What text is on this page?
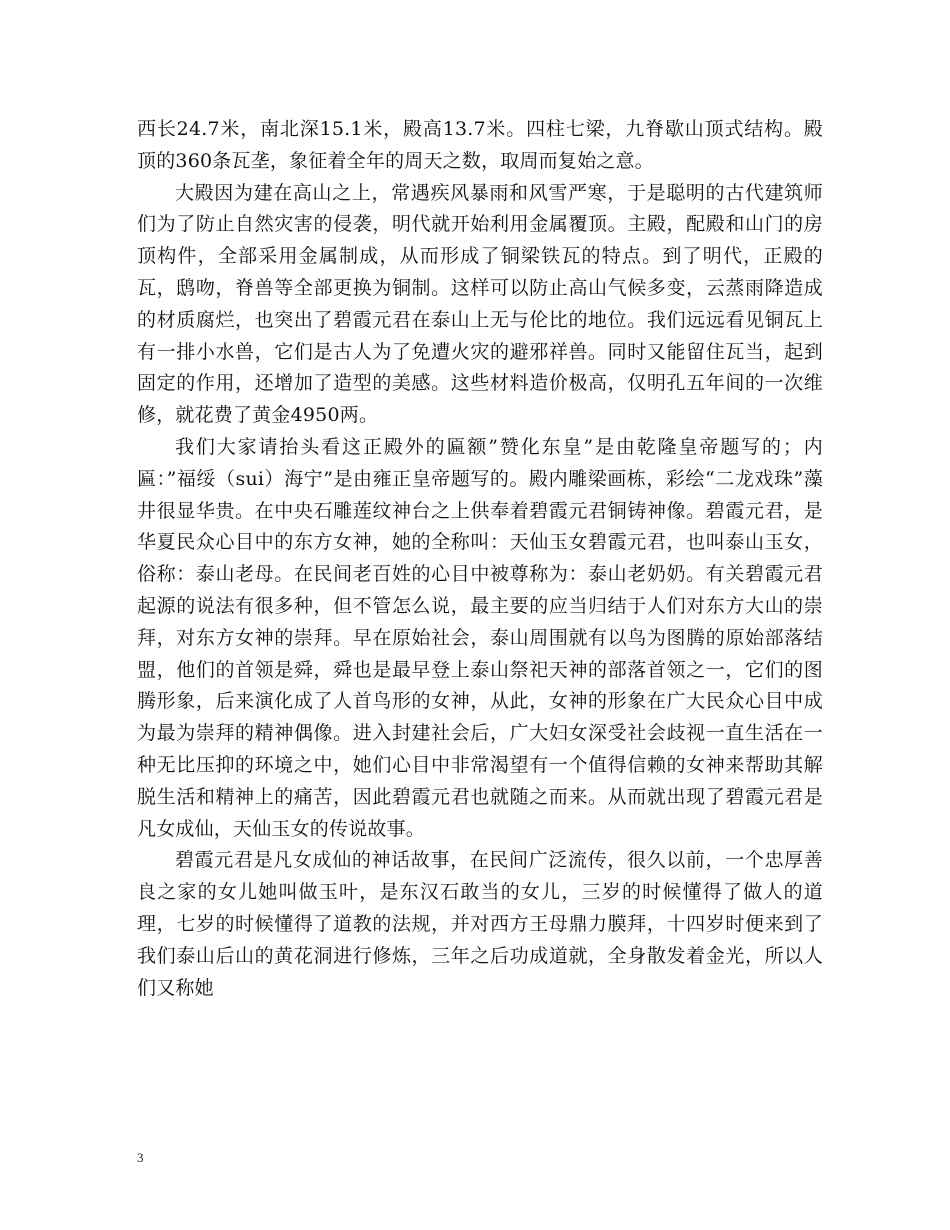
西长24.7米，南北深15.1米，殿高13.7米。四柱七梁，九脊歇山顶式结构。殿顶的360条瓦垄，象征着全年的周天之数，取周而复始之意。

大殿因为建在高山之上，常遇疾风暴雨和风雪严寒，于是聪明的古代建筑师们为了防止自然灾害的侵袭，明代就开始利用金属覆顶。主殿，配殿和山门的房顶构件，全部采用金属制成，从而形成了铜梁铁瓦的特点。到了明代，正殿的瓦，鸱吻，脊兽等全部更换为铜制。这样可以防止高山气候多变，云蒸雨降造成的材质腐烂，也突出了碧霞元君在泰山上无与伦比的地位。我们远远看见铜瓦上有一排小水兽，它们是古人为了免遭火灾的避邪祥兽。同时又能留住瓦当，起到固定的作用，还增加了造型的美感。这些材料造价极高，仅明孔五年间的一次维修，就花费了黄金4950两。

我们大家请抬头看这正殿外的匾额”赞化东皇”是由乾隆皇帝题写的；内匾：”福绥（sui）海宁”是由雍正皇帝题写的。殿内雕梁画栋，彩绘“二龙戏珠”藻井很显华贵。在中央石雕莲纹神台之上供奉着碧霞元君铜铸神像。碧霞元君，是华夏民众心目中的东方女神，她的全称叫：天仙玉女碧霞元君，也叫泰山玉女，俗称：泰山老母。在民间老百姓的心目中被尊称为：泰山老奶奶。有关碧霞元君起源的说法有很多种，但不管怎么说，最主要的应当归结于人们对东方大山的崇拜，对东方女神的崇拜。早在原始社会，泰山周围就有以鸟为图腾的原始部落结盟，他们的首领是舜，舜也是最早登上泰山祭祀天神的部落首领之一，它们的图腾形象，后来演化成了人首鸟形的女神，从此，女神的形象在广大民众心目中成为最为崇拜的精神偶像。进入封建社会后，广大妇女深受社会歧视一直生活在一种无比压抑的环境之中，她们心目中非常渴望有一个值得信赖的女神来帮助其解脱生活和精神上的痛苦，因此碧霞元君也就随之而来。从而就出现了碧霞元君是凡女成仙，天仙玉女的传说故事。

碧霞元君是凡女成仙的神话故事，在民间广泛流传，很久以前，一个忠厚善良之家的女儿她叫做玉叶，是东汉石敢当的女儿，三岁的时候懂得了做人的道理，七岁的时候懂得了道教的法规，并对西方王母鼎力膜拜，十四岁时便来到了我们泰山后山的黄花洞进行修炼，三年之后功成道就，全身散发着金光，所以人们又称她

3
